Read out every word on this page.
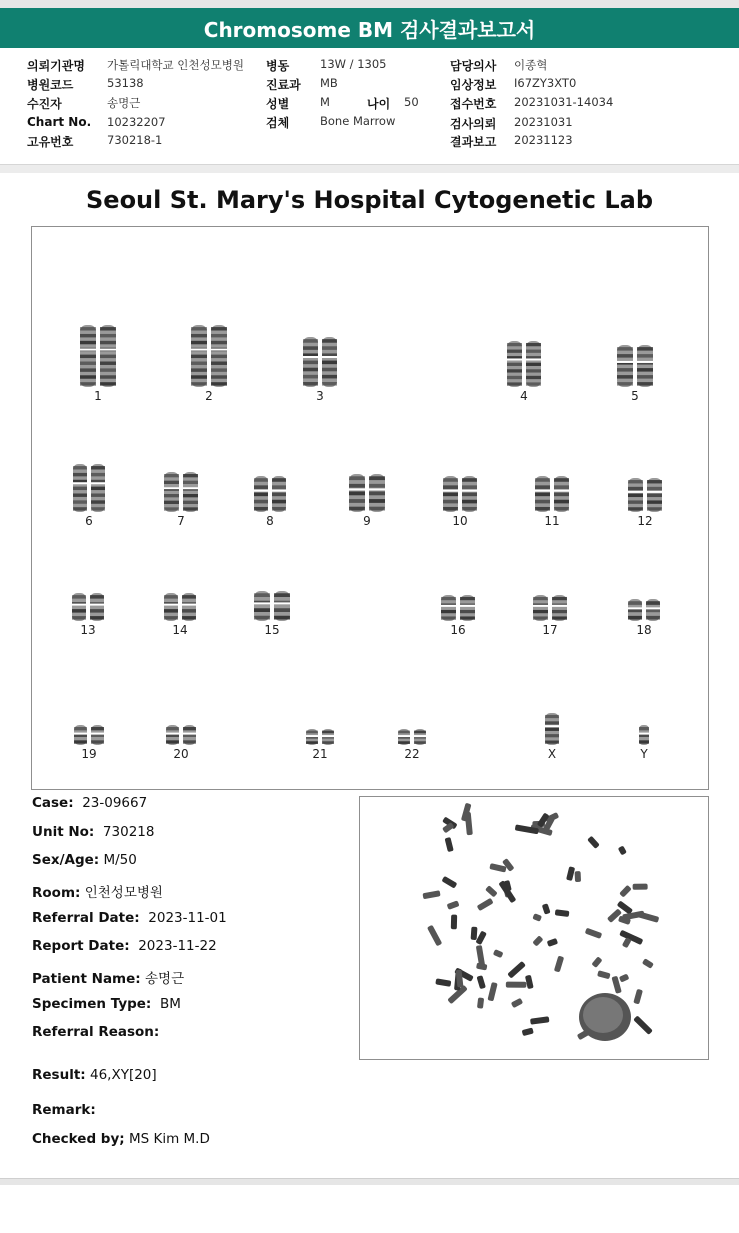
Chromosome BM 검사결과보고서
의뢰기관명 가톨릭대학교 인천성모병원
병원코드	53138
수진자	송명근
Chart No. 10232207
고유번호	730218-1
병동	13W / 1305
진료과 MB
성별	M	나이 50
검체	Bone Marrow
담당의사 이종혁
임상정보 I67ZY3XT0
접수번호 20231031-14034
검사의뢰 20231031
결과보고 20231123
Seoul St. Mary's Hospital Cytogenetic Lab
1	2	3	4	5
6	7	8	9	10	11	12
13	14	15	16	17	18
19	20	21	22	X	Y
Case: 23-09667
Unit No: 730218
Sex/Age: M/50
Room: 인천성모병원
Referral Date: 2023-11-01
Report Date: 2023-11-22
Patient Name: 송명근
Specimen Type: BM
Referral Reason:
Result: 46,XY[20]
Remark:
Checked by; MS Kim M.D
